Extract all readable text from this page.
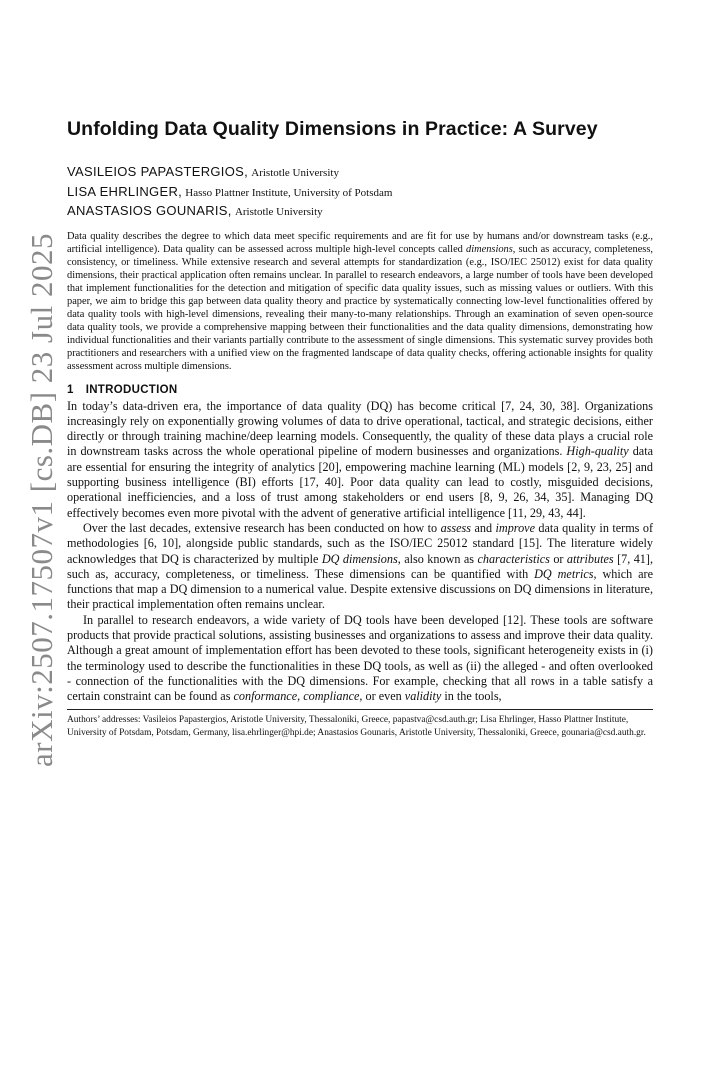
arXiv:2507.17507v1 [cs.DB] 23 Jul 2025
Unfolding Data Quality Dimensions in Practice: A Survey
VASILEIOS PAPASTERGIOS, Aristotle University
LISA EHRLINGER, Hasso Plattner Institute, University of Potsdam
ANASTASIOS GOUNARIS, Aristotle University

Data quality describes the degree to which data meet specific requirements and are fit for use by humans and/or downstream tasks (e.g., artificial intelligence). Data quality can be assessed across multiple high-level concepts called dimensions, such as accuracy, completeness, consistency, or timeliness. While extensive research and several attempts for standardization (e.g., ISO/IEC 25012) exist for data quality dimensions, their practical application often remains unclear. In parallel to research endeavors, a large number of tools have been developed that implement functionalities for the detection and mitigation of specific data quality issues, such as missing values or outliers. With this paper, we aim to bridge this gap between data quality theory and practice by systematically connecting low-level functionalities offered by data quality tools with high-level dimensions, revealing their many-to-many relationships. Through an examination of seven open-source data quality tools, we provide a comprehensive mapping between their functionalities and the data quality dimensions, demonstrating how individual functionalities and their variants partially contribute to the assessment of single dimensions. This systematic survey provides both practitioners and researchers with a unified view on the fragmented landscape of data quality checks, offering actionable insights for quality assessment across multiple dimensions.

1 INTRODUCTION

In today’s data-driven era, the importance of data quality (DQ) has become critical [7, 24, 30, 38]. Organizations increasingly rely on exponentially growing volumes of data to drive operational, tactical, and strategic decisions, either directly or through training machine/deep learning models. Consequently, the quality of these data plays a crucial role in downstream tasks across the whole operational pipeline of modern businesses and organizations. High-quality data are essential for ensuring the integrity of analytics [20], empowering machine learning (ML) models [2, 9, 23, 25] and supporting business intelligence (BI) efforts [17, 40]. Poor data quality can lead to costly, misguided decisions, operational inefficiencies, and a loss of trust among stakeholders or end users [8, 9, 26, 34, 35]. Managing DQ effectively becomes even more pivotal with the advent of generative artificial intelligence [11, 29, 43, 44].

Over the last decades, extensive research has been conducted on how to assess and improve data quality in terms of methodologies [6, 10], alongside public standards, such as the ISO/IEC 25012 standard [15]. The literature widely acknowledges that DQ is characterized by multiple DQ dimensions, also known as characteristics or attributes [7, 41], such as, accuracy, completeness, or timeliness. These dimensions can be quantified with DQ metrics, which are functions that map a DQ dimension to a numerical value. Despite extensive discussions on DQ dimensions in literature, their practical implementation often remains unclear.

In parallel to research endeavors, a wide variety of DQ tools have been developed [12]. These tools are software products that provide practical solutions, assisting businesses and organizations to assess and improve their data quality. Although a great amount of implementation effort has been devoted to these tools, significant heterogeneity exists in (i) the terminology used to describe the functionalities in these DQ tools, as well as (ii) the alleged - and often overlooked - connection of the functionalities with the DQ dimensions. For example, checking that all rows in a table satisfy a certain constraint can be found as conformance, compliance, or even validity in the tools,

Authors’ addresses: Vasileios Papastergios, Aristotle University, Thessaloniki, Greece, papastva@csd.auth.gr; Lisa Ehrlinger, Hasso Plattner Institute, University of Potsdam, Potsdam, Germany, lisa.ehrlinger@hpi.de; Anastasios Gounaris, Aristotle University, Thessaloniki, Greece, gounaria@csd.auth.gr.
